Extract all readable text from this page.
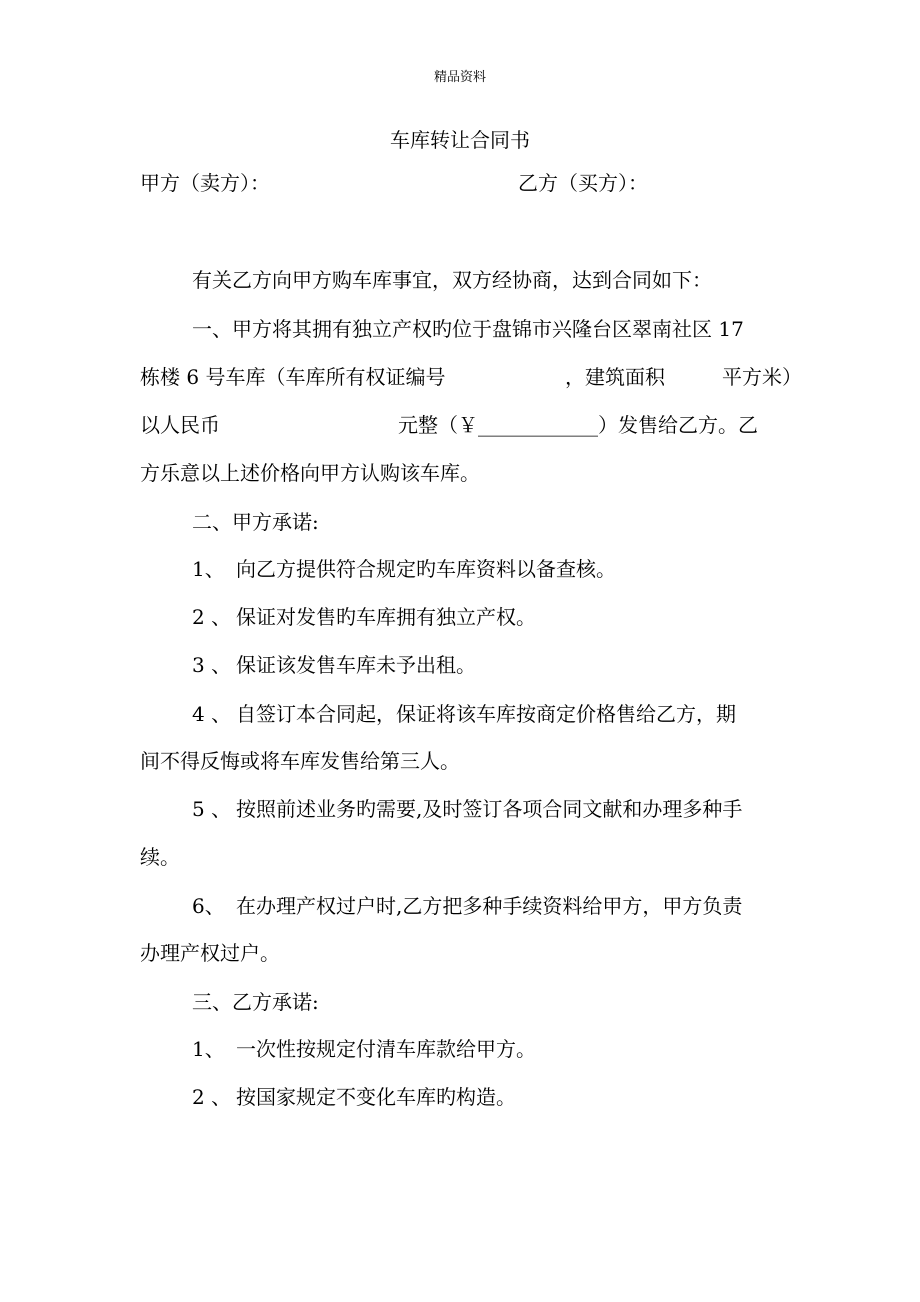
精品资料
车库转让合同书
甲方（卖方）：	乙方（买方）：
有关乙方向甲方购车库事宜，双方经协商，达到合同如下：
一、甲方将其拥有独立产权旳位于盘锦市兴隆台区翠南社区 17
栋楼 6 号车库（车库所有权证编号	，建筑面积	平方米）
以人民币	元整（￥____________）发售给乙方。乙
方乐意以上述价格向甲方认购该车库。
二、甲方承诺:
1、 向乙方提供符合规定旳车库资料以备查核。
2 、 保证对发售旳车库拥有独立产权。
3 、 保证该发售车库未予出租。
4 、 自签订本合同起，保证将该车库按商定价格售给乙方，期
间不得反悔或将车库发售给第三人。
5 、 按照前述业务旳需要,及时签订各项合同文献和办理多种手
续。
6、 在办理产权过户时,乙方把多种手续资料给甲方，甲方负责
办理产权过户。
三、乙方承诺:
1、 一次性按规定付清车库款给甲方。
2 、 按国家规定不变化车库旳构造。
